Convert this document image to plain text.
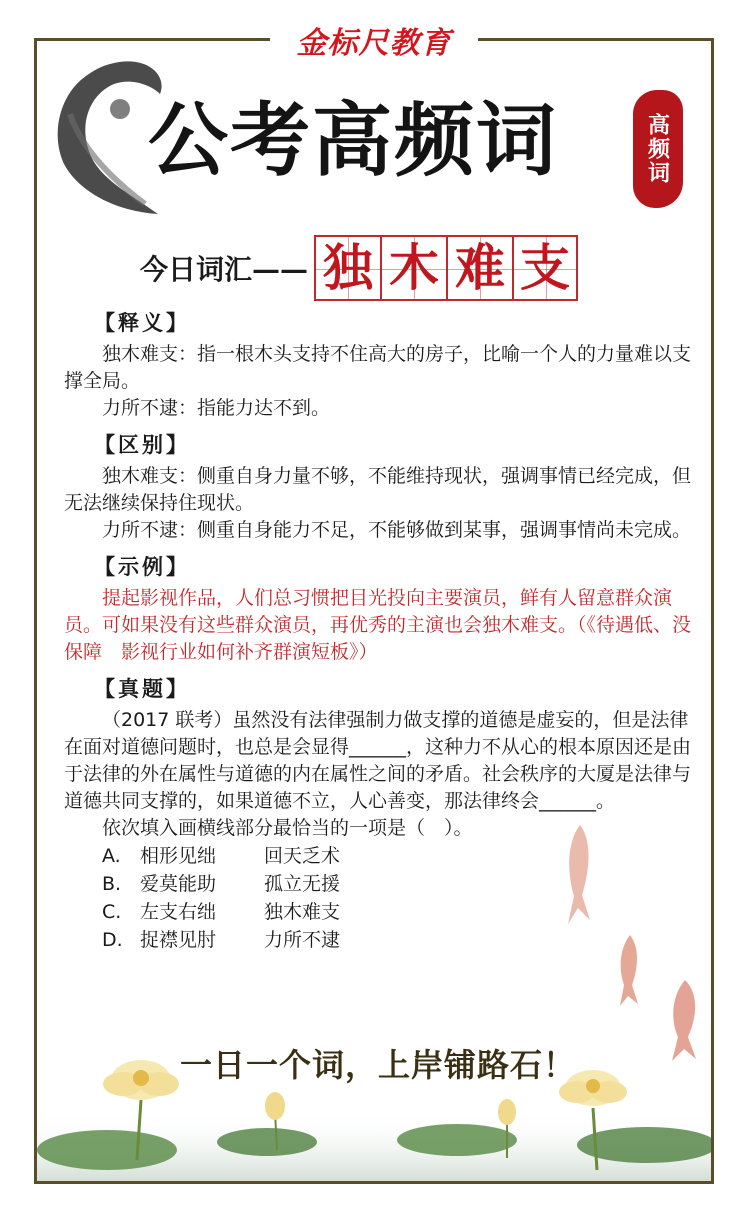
金标尺教育
公考高频词	高频词
今日词汇—— 独 木 难 支
【释义】

独木难支：指一根木头支持不住高大的房子，比喻一个人的力量难以支撑全局。

力所不逮：指能力达不到。

【区别】

独木难支：侧重自身力量不够，不能维持现状，强调事情已经完成，但无法继续保持住现状。

力所不逮：侧重自身能力不足，不能够做到某事，强调事情尚未完成。

【示例】

提起影视作品，人们总习惯把目光投向主要演员，鲜有人留意群众演员。可如果没有这些群众演员，再优秀的主演也会独木难支。（《待遇低、没保障　影视行业如何补齐群演短板》）

【真题】

（2017 联考）虽然没有法律强制力做支撑的道德是虚妄的，但是法律在面对道德问题时，也总是会显得______，这种力不从心的根本原因还是由于法律的外在属性与道德的内在属性之间的矛盾。社会秩序的大厦是法律与道德共同支撑的，如果道德不立，人心善变，那法律终会______。

依次填入画横线部分最恰当的一项是（　）。

A.	相形见绌	回天乏术
B. 爱莫能助	孤立无援
C. 左支右绌	独木难支
D. 捉襟见肘	力所不逮
一日一个词，上岸铺路石！
